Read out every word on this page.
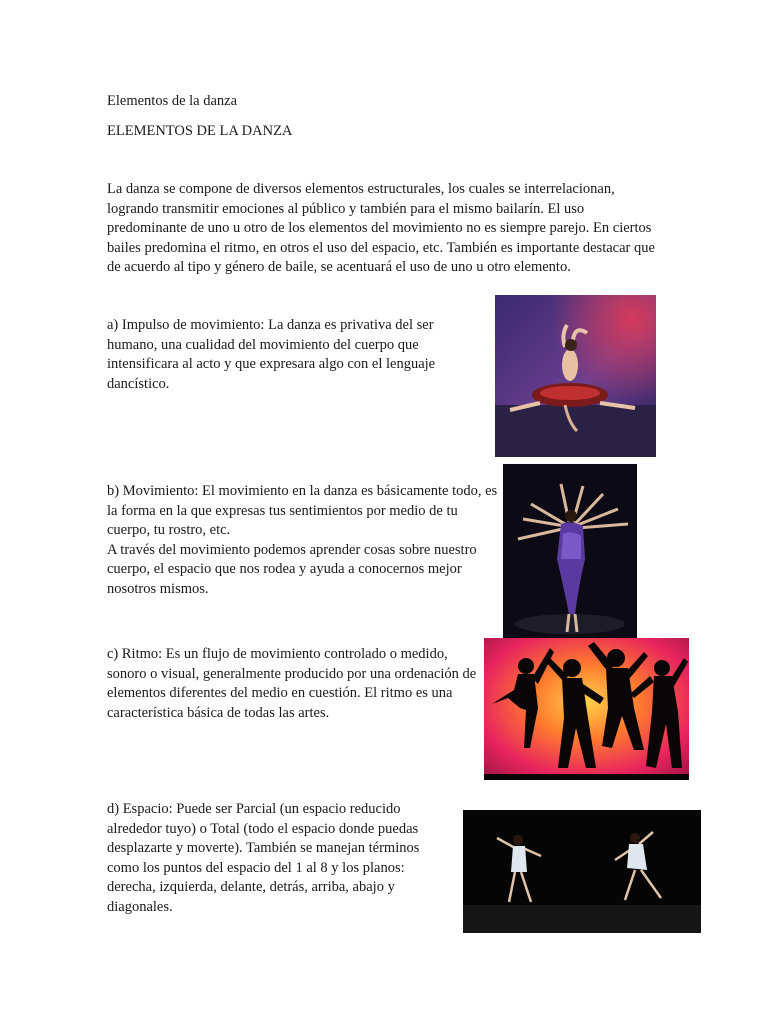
Elementos de la danza

ELEMENTOS DE LA DANZA

La danza se compone de diversos elementos estructurales, los cuales se interrelacionan, logrando transmitir emociones al público y también para el mismo bailarín. El uso predominante de uno u otro de los elementos del movimiento no es siempre parejo. En ciertos bailes predomina el ritmo, en otros el uso del espacio, etc. También es importante destacar que de acuerdo al tipo y género de baile, se acentuará el uso de uno u otro elemento.

a) Impulso de movimiento: La danza es privativa del ser humano, una cualidad del movimiento del cuerpo que intensificara al acto y que expresara algo con el lenguaje dancístico.
b) Movimiento: El movimiento en la danza es básicamente todo, es la forma en la que expresas tus sentimientos por medio de tu cuerpo, tu rostro, etc.
A través del movimiento podemos aprender cosas sobre nuestro cuerpo, el espacio que nos rodea y ayuda a conocernos mejor nosotros mismos.
c) Ritmo: Es un flujo de movimiento controlado o medido, sonoro o visual, generalmente producido por una ordenación de elementos diferentes del medio en cuestión. El ritmo es una característica básica de todas las artes.
d) Espacio: Puede ser Parcial (un espacio reducido alrededor tuyo) o Total (todo el espacio donde puedas desplazarte y moverte). También se manejan términos como los puntos del espacio del 1 al 8 y los planos: derecha, izquierda, delante, detrás, arriba, abajo y diagonales.
